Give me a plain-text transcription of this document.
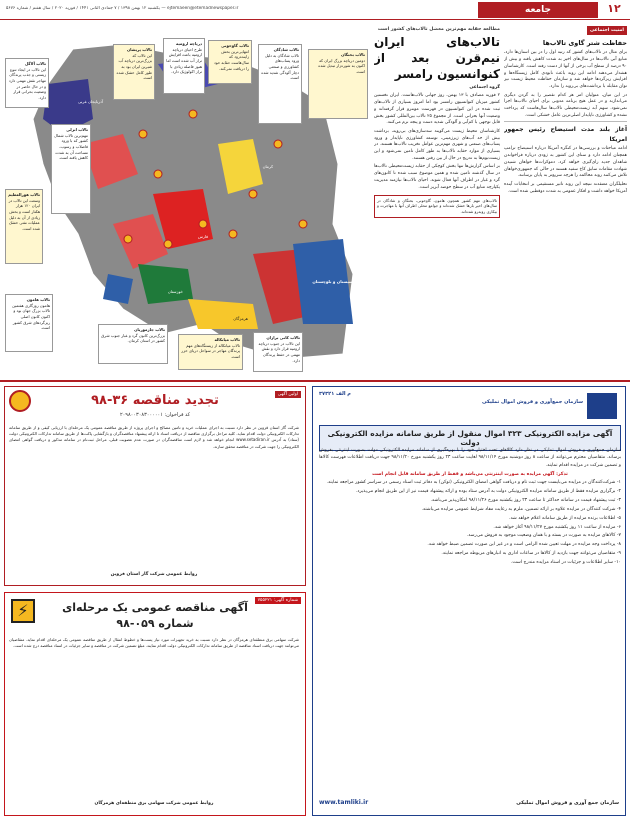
۱۲
جامعه
یکشنبه ۱۲ بهمن ۱۳۹۸ / ۷ جمادی الثانی ۱۴۴۱ / فوریه ۲۰۲۰ / سال هفتم / شماره ۵۶۷۶ — ejtemaeen@etemadnewspaper.ir
امنیت اجتماعی
حفاظت شتر گاوی تالاب‌ها

برای مثال در تالاب‌های کشور که رتبه اول را در بین استان‌ها دارد، منابع آبی تالاب‌ها در سال‌های اخیر به شدت کاهش یافته و بیش از ۹۰ درصد از سطح آب برخی از آنها از دست رفته است. کارشناسان هشدار می‌دهند ادامه این روند باعث نابودی کامل زیستگاه‌ها و افزایش ریزگردها خواهد شد و سازمان حفاظت محیط زیست نیز توان مقابله با برداشت‌های بی‌رویه را ندارد.

در این میان، متولیان امر هر کدام تقصیر را به گردن دیگری می‌اندازند و در عمل هیچ برنامه مدونی برای احیای تالاب‌ها اجرا نمی‌شود. سهم آبه زیست‌محیطی تالاب‌ها سال‌هاست که پرداخت نشده و کشاورزی ناپایدار اصلی‌ترین عامل خشکی است.

آغاز بلند مدت استیضاح رئیس جمهور امریکا

ادامه مباحثات و بررسی‌ها در کنگره آمریکا درباره استیضاح ترامپ همچنان ادامه دارد و سنای این کشور به زودی درباره فراخواندن شاهدان جدید رای‌گیری خواهد کرد. دموکرات‌ها خواهان شنیدن شهادت مقامات سابق کاخ سفید هستند در حالی که جمهوری‌خواهان تلاش می‌کنند روند محاکمه را هرچه سریع‌تر به پایان برسانند.

تحلیلگران معتقدند نتیجه این روند تاثیر مستقیمی بر انتخابات آینده آمریکا خواهد داشت و افکار عمومی به شدت دوقطبی شده است.

مطالعه حقابه مهم‌ترین معضل تالاب‌های کشور است
تالاب‌های ایران نیم‌قرن بعد از کنوانسیون رامسر
گروه اجتماعی

۲ فوریه مصادف با ۱۳ بهمن، روز جهانی تالاب‌هاست. ایران نخستین کشور میزبان کنوانسیون رامسر بود اما امروز بسیاری از تالاب‌های ثبت شده در این کنوانسیون در فهرست مونترو قرار گرفته‌اند و وضعیت آنها بحرانی است. از مجموع ۲۵ تالاب بین‌المللی کشور بخش قابل توجهی با کم‌آبی و آلودگی شدید دست و پنجه نرم می‌کنند.

کارشناسان محیط زیست می‌گویند سدسازی‌های بی‌رویه، برداشت بیش از حد آب‌های زیرزمینی، توسعه کشاورزی ناپایدار و ورود پساب‌های صنعتی و شهری مهم‌ترین عوامل تخریب تالاب‌ها هستند. در بسیاری از موارد حقابه تالاب‌ها به طور کامل تامین نمی‌شود و این زیست‌بوم‌ها به تدریج در حال از بین رفتن هستند.

بر اساس گزارش‌ها تنها بخش کوچکی از حقابه زیست‌محیطی تالاب‌ها در سال گذشته تامین شده و همین موضوع سبب شده تا کانون‌های گرد و غبار در اطراف آنها فعال شوند. احیای تالاب‌ها نیازمند مدیریت یکپارچه منابع آب در سطح حوضه آبریز است.

تالاب‌های مهم کشور همچون هامون، گاوخونی، بختگان و شادگان در سال‌های اخیر بارها خشک شده‌اند و جوامع محلی اطراف آنها با مهاجرت و بیکاری روبه‌رو شده‌اند.
سیستان و بلوچستان
سیستان و بلوچستان
کرمان
فارس
خوزستان
هرمزگان
آذربایجان غربی
تالاب آلاگل
این تالاب در ایجاد تنوع زیستی و جذب پرندگان مهاجر نقش مهمی دارد و در حال حاضر در وضعیت بحرانی قرار دارد.
تالاب هورالعظیم
وسعت این تالاب در ایران ۱۲۰ هزار هکتار است و بخش زیادی از آن به دلیل عملیات نفتی خشک شده است.
تالاب انزلی
مهم‌ترین تالاب شمال کشور که با ورود فاضلاب و رسوب، مساحت آن به شدت کاهش یافته است.
تالاب هامون
هامون روزگاری هفتمین تالاب بزرگ جهان بود و اکنون کانون اصلی ریزگردهای شرق کشور است.
تالاب پریشان
این تالاب که بزرگ‌ترین دریاچه آب شیرین ایران بود به طور کامل خشک شده است.
دریاچه ارومیه
طرح احیای دریاچه ارومیه باعث افزایش تراز آب شده است اما هنوز فاصله زیادی با تراز اکولوژیک دارد.
تالاب گاوخونی
انتهایی‌ترین بخش زاینده‌رود که سال‌هاست حقابه خود را دریافت نمی‌کند.
تالاب شادگان
تالاب شادگان به دلیل ورود پساب‌های کشاورزی و صنعتی دچار آلودگی شدید شده است.
تالاب بختگان
دومین دریاچه بزرگ ایران که اکنون به شوره‌زار تبدیل شده است.
تالاب جازموریان
بزرگ‌ترین کانون گرد و غبار جنوب شرق کشور در استان کرمان.	تالاب میانکاله
تالاب میانکاله از زیستگاه‌های مهم پرندگان مهاجر در سواحل دریای خزر است.
تالاب کانی برازان
این تالاب در جنوب دریاچه ارومیه قرار دارد و نقش مهمی در حفظ پرندگان دارد.
اولین آگهی
تجدید مناقصه ۳۶-۹۸
کد فراخوان: ۲۰۹۸۰۰۳۰۸۳۰۰۰۰۰۱
شرکت گاز استان قزوین در نظر دارد نسبت به اجرای عملیات خرید و تامین مصالح و اجرای پروژه از طریق مناقصه عمومی یک مرحله‌ای با ارزیابی کیفی و از طریق سامانه تدارکات الکترونیکی دولت اقدام نماید. کلیه مراحل برگزاری مناقصه از دریافت اسناد تا ارائه پیشنهاد مناقصه‌گران و بازگشایی پاکت‌ها از طریق سامانه تدارکات الکترونیکی دولت (ستاد) به آدرس www.setadiran.ir انجام خواهد شد و لازم است مناقصه‌گران در صورت عدم عضویت قبلی، مراحل ثبت‌نام در سامانه مذکور و دریافت گواهی امضای الکترونیکی را جهت شرکت در مناقصه محقق سازند.
روابط عمومی شرکت گاز استان قزوین
شماره آگهی: ۷۵۵۲۲۱
⚡	آگهی مناقصه عمومی یک مرحله‌ای
شماره ۰۵۹-۹۸
شرکت سهامی برق منطقه‌ای هرمزگان در نظر دارد نسبت به خرید تجهیزات مورد نیاز پست‌ها و خطوط انتقال از طریق مناقصه عمومی یک مرحله‌ای اقدام نماید. متقاضیان می‌توانند جهت دریافت اسناد مناقصه از طریق سامانه تدارکات الکترونیکی دولت اقدام نمایند. مبلغ تضمین شرکت در مناقصه و سایر جزئیات در اسناد مناقصه درج شده است.
روابط عمومی شرکت سهامی برق منطقه‌ای هرمزگان
م الف ۳۷۳۲۱
سازمان جمع‌آوری و فروش اموال تملیکی
آگهی مزایده الکترونیکی ۳۲۳ اموال منقول از طریق سامانه مزایده الکترونیکی دولت

سازمان جمع‌آوری و فروش اموال تملیکی در نظر دارد کالاهای تحت اختیار خود را با بهره‌گیری از سامانه مزایده الکترونیکی دولت بصورت اینترنتی بفروش برساند. متقاضیان محترم می‌توانند از ساعت ۸ روز دوشنبه مورخ ۹۸/۱۱/۱۴ لغایت ساعت ۲۳ روز یکشنبه مورخ ۹۸/۱۱/۲۰ جهت دریافت اطلاعات فهرست کالاها و تضمین شرکت در مزایده اقدام نمایند.

تذکر: آگهی مزایده به صورت اینترنتی می‌باشد و فقط از طریق سامانه قابل انجام است

۱- شرکت‌کنندگان در مزایده می‌بایست جهت ثبت نام و دریافت گواهی امضای الکترونیکی (توکن) به دفاتر ثبت اسناد رسمی در سراسر کشور مراجعه نمایند.

۲- برگزاری مزایده فقط از طریق سامانه مزایده الکترونیکی دولت به آدرس ستاد بوده و ارائه پیشنهاد قیمت نیز از این طریق انجام می‌پذیرد.

۳- ثبت پیشنهاد قیمت در سامانه حداکثر تا ساعت ۲۳ روز یکشنبه مورخ ۹۸/۱۱/۲۶ امکان‌پذیر می‌باشد.

۴- شرکت کنندگان در مزایده علاوه بر ارائه تضمین، ملزم به رعایت مفاد شرایط عمومی مزایده می‌باشند.

۵- اطلاعات برنده مزایده از طریق سامانه اعلام خواهد شد.

۶- مزایده از ساعت ۱۱ روز یکشنبه مورخ ۹۸/۱۱/۲۷ آغاز خواهد شد.

۷- کالاهای مزایده به صورت در بسته و با همان وضعیت موجود به فروش می‌رسد.

۸- پرداخت وجه مزایده در مهلت تعیین شده الزامی است و در غیر این صورت تضمین ضبط خواهد شد.

۹- متقاضیان می‌توانند جهت بازدید از کالاها در ساعات اداری به انبارهای مربوطه مراجعه نمایند.

۱۰- سایر اطلاعات و جزئیات در اسناد مزایده مندرج است.

www.tamliki.ir	سازمان جمع آوری و فروش اموال تملیکی
